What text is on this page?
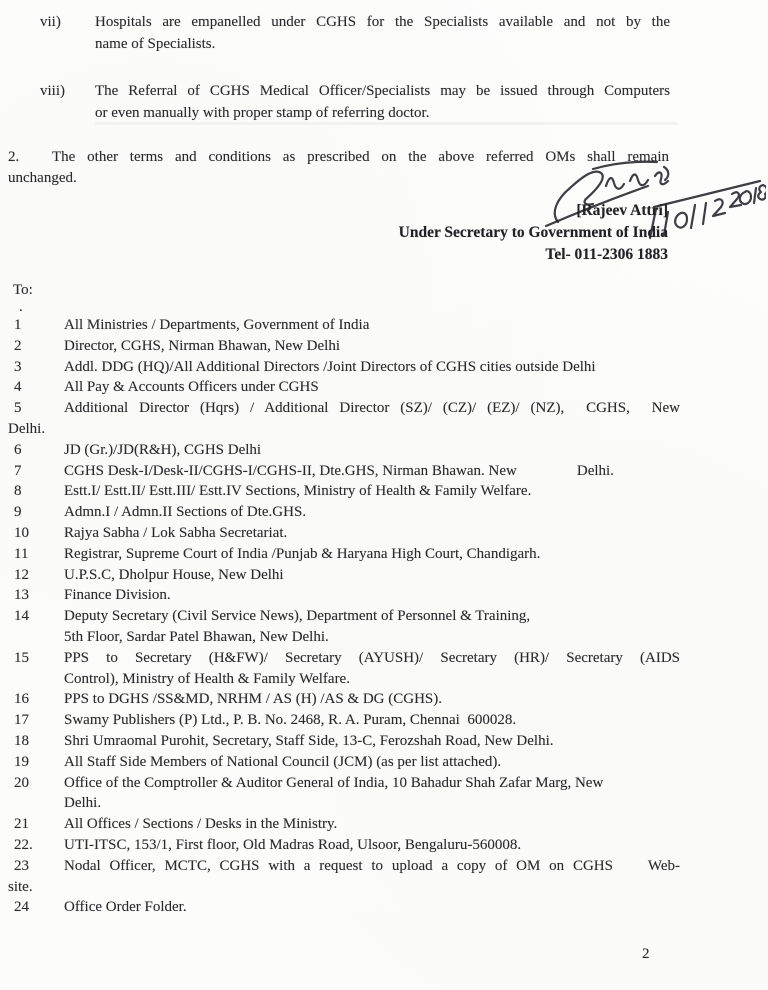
vii) Hospitals are empanelled under CGHS for the Specialists available and not by the
name of Specialists.
viii) The Referral of CGHS Medical Officer/Specialists may be issued through Computers
or even manually with proper stamp of referring doctor.
2. The other terms and conditions as prescribed on the above referred OMs shall remain
unchanged.
[Rajeev Attri]
Under Secretary to Government of India
Tel- 011-2306 1883
To:
.
1	All Ministries / Departments, Government of India
2	Director, CGHS, Nirman Bhawan, New Delhi
3	Addl. DDG (HQ)/All Additional Directors /Joint Directors of CGHS cities outside Delhi
4	All Pay & Accounts Officers under CGHS
5	Additional Director (Hqrs) / Additional Director (SZ)/ (CZ)/ (EZ)/ (NZ),  CGHS,  New
Delhi.
6	JD (Gr.)/JD(R&H), CGHS Delhi
7	CGHS Desk-I/Desk-II/CGHS-I/CGHS-II, Dte.GHS, Nirman Bhawan. New                Delhi.
8	Estt.I/ Estt.II/ Estt.III/ Estt.IV Sections, Ministry of Health & Family Welfare.
9	Admn.I / Admn.II Sections of Dte.GHS.
10 Rajya Sabha / Lok Sabha Secretariat.
11 Registrar, Supreme Court of India /Punjab & Haryana High Court, Chandigarh.
12 U.P.S.C, Dholpur House, New Delhi
13 Finance Division.
14 Deputy Secretary (Civil Service News), Department of Personnel & Training,
5th Floor, Sardar Patel Bhawan, New Delhi.
15 PPS to Secretary (H&FW)/ Secretary (AYUSH)/ Secretary (HR)/ Secretary (AIDS
Control), Ministry of Health & Family Welfare.
16 PPS to DGHS /SS&MD, NRHM / AS (H) /AS & DG (CGHS).
17 Swamy Publishers (P) Ltd., P. B. No. 2468, R. A. Puram, Chennai  600028.
18 Shri Umraomal Purohit, Secretary, Staff Side, 13-C, Ferozshah Road, New Delhi.
19 All Staff Side Members of National Council (JCM) (as per list attached).
20 Office of the Comptroller & Auditor General of India, 10 Bahadur Shah Zafar Marg, New
Delhi.
21 All Offices / Sections / Desks in the Ministry.
22. UTI-ITSC, 153/1, First floor, Old Madras Road, Ulsoor, Bengaluru-560008.
23 Nodal Officer, MCTC, CGHS with a request to upload a copy of OM on CGHS    Web-
site.
24 Office Order Folder.
2
